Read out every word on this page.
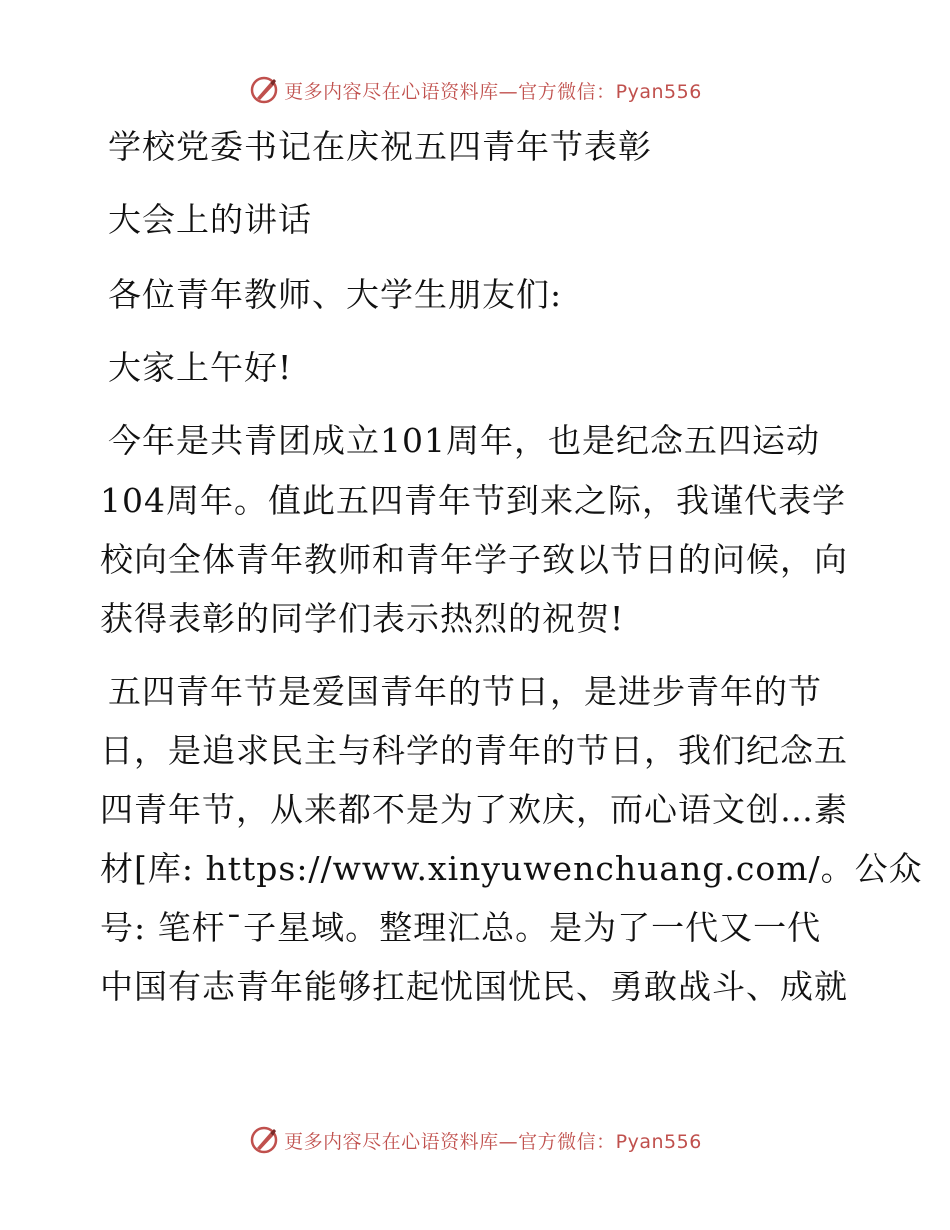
更多内容尽在心语资料库—官方微信：Pyan556
学校党委书记在庆祝五四青年节表彰
大会上的讲话
各位青年教师、大学生朋友们:
大家上午好!
今年是共青团成立101周年，也是纪念五四运动
104周年。值此五四青年节到来之际，我谨代表学
校向全体青年教师和青年学子致以节日的问候，向
获得表彰的同学们表示热烈的祝贺!
五四青年节是爱国青年的节日，是进步青年的节
日，是追求民主与科学的青年的节日，我们纪念五
四青年节，从来都不是为了欢庆，而心语文创…素
材[库: https://www.xinyuwenchuang.com/。公众
号: 笔杆¯子星域。整理汇总。是为了一代又一代
中国有志青年能够扛起忧国忧民、勇敢战斗、成就
更多内容尽在心语资料库—官方微信：Pyan556
